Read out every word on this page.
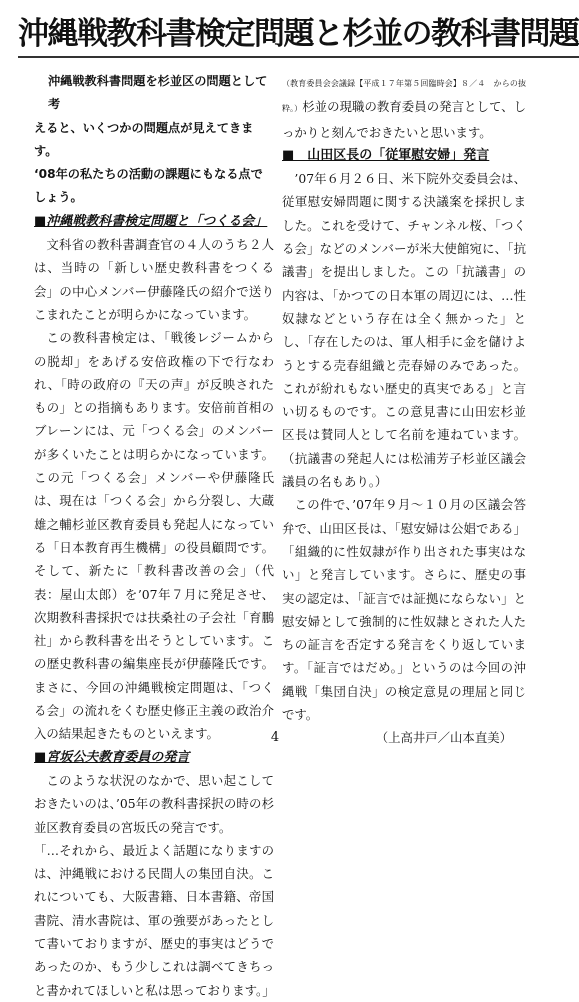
沖縄戦教科書検定問題と杉並の教科書問題

沖縄戦教科書問題を杉並区の問題として考
えると、いくつかの問題点が見えてきます。
‘08年の私たちの活動の課題にもなる点でしょう。

■沖縄戦教科書検定問題と「つくる会」

文科省の教科書調査官の４人のうち２人は、当時の「新しい歴史教科書をつくる会」の中心メンバー伊藤隆氏の紹介で送りこまれたことが明らかになっています。

この教科書検定は、「戦後レジームからの脱却」をあげる安倍政権の下で行なわれ、「時の政府の『天の声』が反映されたもの」との指摘もあります。安倍前首相のブレーンには、元「つくる会」のメンバーが多くいたことは明らかになっています。この元「つくる会」メンバーや伊藤隆氏は、現在は「つくる会」から分裂し、大蔵雄之輔杉並区教育委員も発起人になっている「日本教育再生機構」の役員顧問です。そして、新たに「教科書改善の会」（代表：屋山太郎）を’07年７月に発足させ、次期教科書採択では扶桑社の子会社「育鵬社」から教科書を出そうとしています。この歴史教科書の編集座長が伊藤隆氏です。まさに、今回の沖縄戦検定問題は、「つくる会」の流れをくむ歴史修正主義の政治介入の結果起きたものといえます。

■宮坂公夫教育委員の発言

このような状況のなかで、思い起こしておきたいのは、’05年の教科書採択の時の杉並区教育委員の宮坂氏の発言です。

「…それから、最近よく話題になりますのは、沖縄戦における民間人の集団自決。これについても、大阪書籍、日本書籍、帝国書院、清水書院は、軍の強要があったとして書いておりますが、歴史的事実はどうであったのか、もう少しこれは調べてきちっと書かれてほしいと私は思っております。」

（教育委員会会議録【平成１７年第５回臨時会】８／４　からの抜粋。）杉並の現職の教育委員の発言として、しっかりと刻んでおきたいと思います。

■　山田区長の「従軍慰安婦」発言

’07年６月２６日、米下院外交委員会は、従軍慰安婦問題に関する決議案を採択しました。これを受けて、チャンネル桜、「つくる会」などのメンバーが米大使館宛に、「抗議書」を提出しました。この「抗議書」の内容は、「かつての日本軍の周辺には、…性奴隷などという存在は全く無かった」とし、「存在したのは、軍人相手に金を儲けようとする売春組織と売春婦のみであった。これが紛れもない歴史的真実である」と言い切るものです。この意見書に山田宏杉並区長は賛同人として名前を連ねています。（抗議書の発起人には松浦芳子杉並区議会議員の名もあり。）

この件で、’07年９月～１０月の区議会答弁で、山田区長は、「慰安婦は公娼である」「組織的に性奴隷が作り出された事実はない」と発言しています。さらに、歴史の事実の認定は、「証言では証拠にならない」と慰安婦として強制的に性奴隷とされた人たちの証言を否定する発言をくり返しています。「証言ではだめ。」というのは今回の沖縄戦「集団自決」の検定意見の理屈と同じです。

（上高井戸／山本直美）

4
